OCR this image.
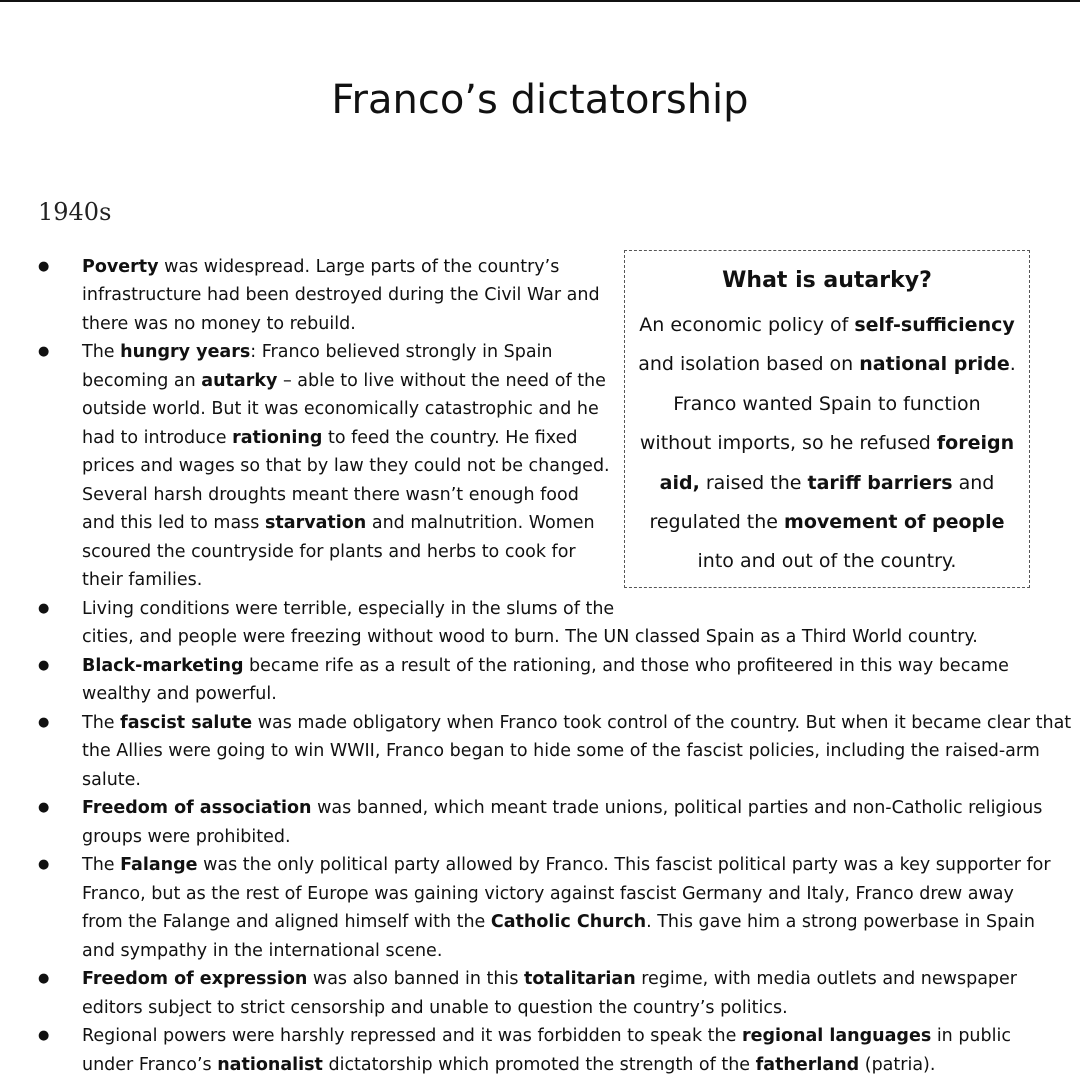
Franco’s dictatorship
1940s
What is autarky?
An economic policy of self-sufficiency
and isolation based on national pride.
Franco wanted Spain to function
without imports, so he refused foreign
aid, raised the tariff barriers and
regulated the movement of people
into and out of the country.
●	Poverty was widespread. Large parts of the country’s
infrastructure had been destroyed during the Civil War and
there was no money to rebuild.
●	The hungry years: Franco believed strongly in Spain
becoming an autarky – able to live without the need of the
outside world. But it was economically catastrophic and he
had to introduce rationing to feed the country. He fixed
prices and wages so that by law they could not be changed.
Several harsh droughts meant there wasn’t enough food
and this led to mass starvation and malnutrition. Women
scoured the countryside for plants and herbs to cook for
their families.
●	Living conditions were terrible, especially in the slums of the
cities, and people were freezing without wood to burn. The UN classed Spain as a Third World country.
●	Black-marketing became rife as a result of the rationing, and those who profiteered in this way became
wealthy and powerful.
●	The fascist salute was made obligatory when Franco took control of the country. But when it became clear that
the Allies were going to win WWII, Franco began to hide some of the fascist policies, including the raised-arm
salute.
●	Freedom of association was banned, which meant trade unions, political parties and non-Catholic religious
groups were prohibited.
●	The Falange was the only political party allowed by Franco. This fascist political party was a key supporter for
Franco, but as the rest of Europe was gaining victory against fascist Germany and Italy, Franco drew away
from the Falange and aligned himself with the Catholic Church. This gave him a strong powerbase in Spain
and sympathy in the international scene.
●	Freedom of expression was also banned in this totalitarian regime, with media outlets and newspaper
editors subject to strict censorship and unable to question the country’s politics.
●	Regional powers were harshly repressed and it was forbidden to speak the regional languages in public
under Franco’s nationalist dictatorship which promoted the strength of the fatherland (patria).
